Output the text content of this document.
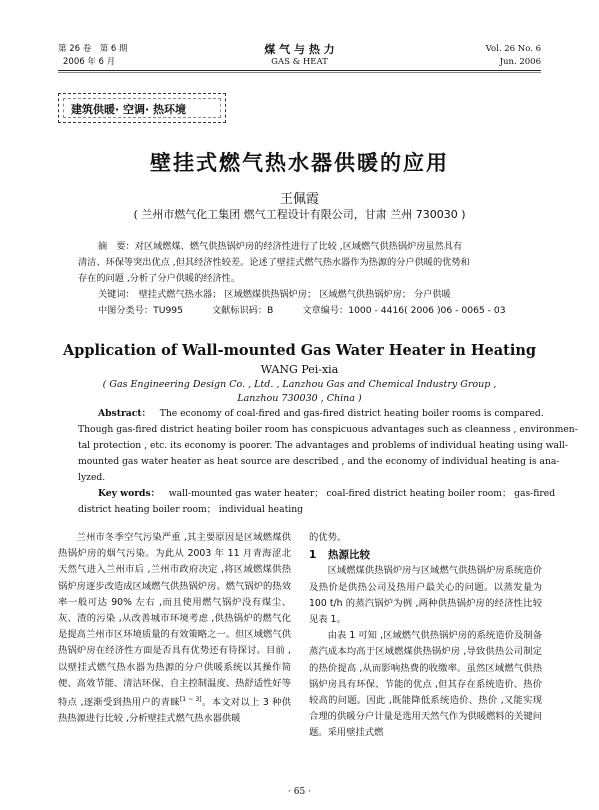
第 26 卷　第 6 期
2006 年 6 月
煤 气 与 热 力
GAS & HEAT
Vol. 26 No. 6
Jun. 2006
建筑供暖· 空调· 热环境
壁挂式燃气热水器供暖的应用
王佩霞
( 兰州市燃气化工集团 燃气工程设计有限公司，甘肃 兰州 730030 )
摘　要：对区域燃煤、燃气供热锅炉房的经济性进行了比较 ,区域燃气供热锅炉房虽然具有
清洁、环保等突出优点 ,但其经济性较差。论述了壁挂式燃气热水器作为热源的分户供暖的优势和
存在的问题 ,分析了分户供暖的经济性。
关键词： 壁挂式燃气热水器； 区域燃煤供热锅炉房； 区域燃气供热锅炉房； 分户供暖
中图分类号：TU995	文献标识码：B	文章编号：1000 - 4416( 2006 )06 - 0065 - 03
Application of Wall-mounted Gas Water Heater in Heating
WANG Pei-xia
( Gas Engineering Design Co. , Ltd. , Lanzhou Gas and Chemical Industry Group ,
Lanzhou 730030 , China )
Abstract： The economy of coal-fired and gas-fired district heating boiler rooms is compared.
Though gas-fired district heating boiler room has conspicuous advantages such as cleanness , environmen-
tal protection , etc. its economy is poorer. The advantages and problems of individual heating using wall-
mounted gas water heater as heat source are described , and the economy of individual heating is ana-
lyzed.
Key words： wall-mounted gas water heater； coal-fired district heating boiler room； gas-fired
district heating boiler room； individual heating

兰州市冬季空气污染严重 ,其主要原因是区域燃煤供热锅炉房的烟气污染。为此从 2003 年 11 月青海涩北天然气进入兰州市后 ,兰州市政府决定 ,将区域燃煤供热锅炉房逐步改造成区域燃气供热锅炉房。燃气锅炉的热效率一般可达 90% 左右 ,而且使用燃气锅炉没有煤尘、灰、渣的污染 ,从改善城市环境考虑 ,供热锅炉的燃气化是提高兰州市区环境质量的有效策略之一。但区域燃气供热锅炉房在经济性方面是否具有优势还有待探讨。目前 ,以壁挂式燃气热水器为热源的分户供暖系统以其操作简便、高效节能、清洁环保、自主控制温度、热舒适性好等特点 ,逐渐受到热用户的青睐[1 ~ 3]。本文对以上 3 种供热热源进行比较 ,分析壁挂式燃气热水器供暖

的优势。
1 热源比较

区域燃煤供热锅炉房与区域燃气供热锅炉房系统造价及热价是供热公司及热用户最关心的问题。以蒸发量为 100 t/h 的蒸汽锅炉为例 ,两种供热锅炉房的经济性比较见表 1。

由表 1 可知 ,区域燃气供热锅炉房的系统造价及制备蒸汽成本均高于区域燃煤供热锅炉房 ,导致供热公司制定的热价提高 ,从而影响热费的收缴率。虽然区域燃气供热锅炉房具有环保、节能的优点 ,但其存在系统造价、热价较高的问题。因此 ,既能降低系统造价、热价 ,又能实现合理的供暖分户计量是选用天然气作为供暖燃料的关键问题。采用壁挂式燃

· 65 ·
